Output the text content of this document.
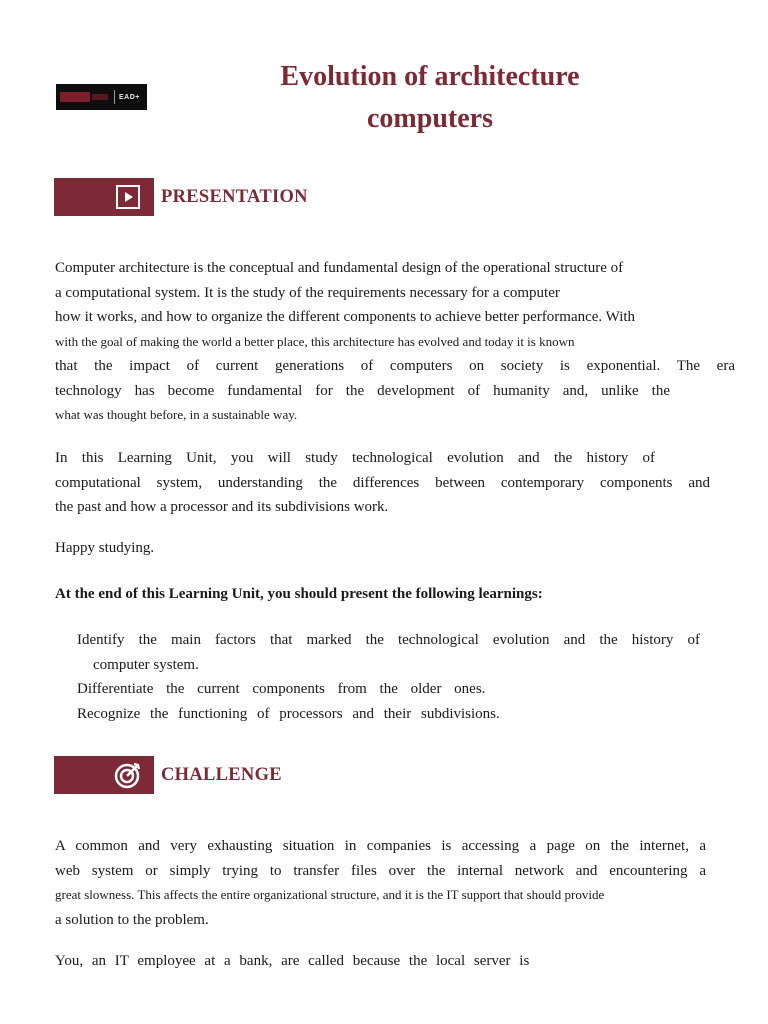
EAD+
Evolution of architecture
computers
PRESENTATION

Computer architecture is the conceptual and fundamental design of the operational structure of
a computational system. It is the study of the requirements necessary for a computer
how it works, and how to organize the different components to achieve better performance. With
with the goal of making the world a better place, this architecture has evolved and today it is known
that the impact of current generations of computers on society is exponential. The era
technology has become fundamental for the development of humanity and, unlike the
what was thought before, in a sustainable way.

In this Learning Unit, you will study technological evolution and the history of
computational system, understanding the differences between contemporary components and
the past and how a processor and its subdivisions work.

Happy studying.

At the end of this Learning Unit, you should present the following learnings:

Identify the main factors that marked the technological evolution and the history of
computer system.
Differentiate the current components from the older ones.
Recognize the functioning of processors and their subdivisions.
CHALLENGE

A common and very exhausting situation in companies is accessing a page on the internet, a
web system or simply trying to transfer files over the internal network and encountering a
great slowness. This affects the entire organizational structure, and it is the IT support that should provide
a solution to the problem.

You, an IT employee at a bank, are called because the local server is
